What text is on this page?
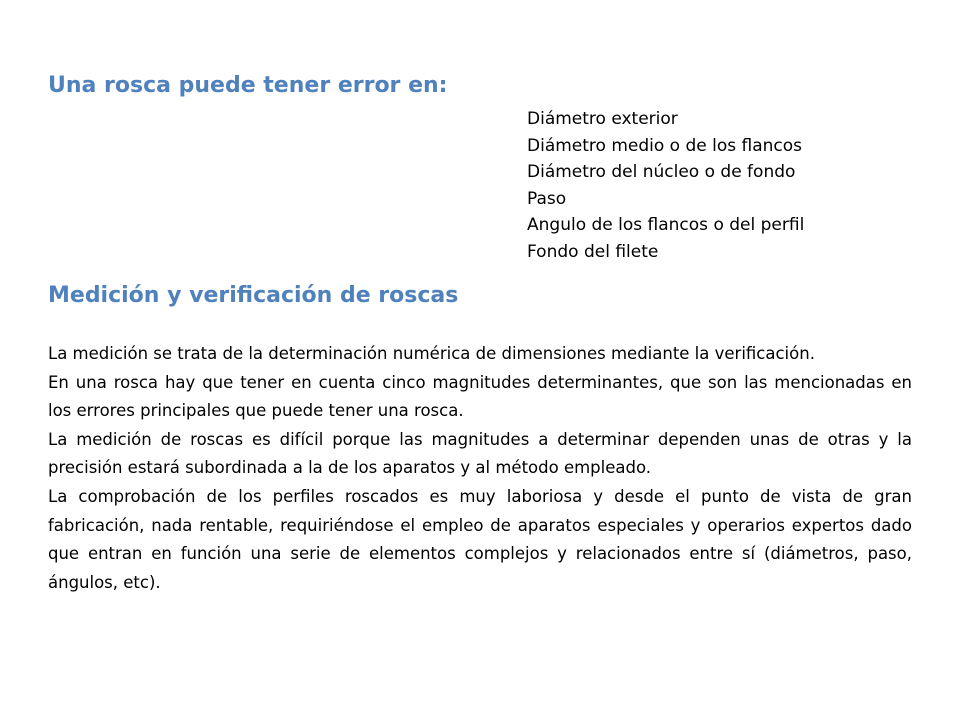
Una rosca puede tener error en:
Diámetro exterior
Diámetro medio o de los flancos
Diámetro del núcleo o de fondo
Paso
Angulo de los flancos o del perfil
Fondo del filete
Medición y verificación de roscas

La medición se trata de la determinación numérica de dimensiones mediante la verificación.

En una rosca hay que tener en cuenta cinco magnitudes determinantes, que son las mencionadas en los errores principales que puede tener una rosca.

La medición de roscas es difícil porque las magnitudes a determinar dependen unas de otras y la precisión estará subordinada a la de los aparatos y al método empleado.

La comprobación de los perfiles roscados es muy laboriosa y desde el punto de vista de gran fabricación, nada rentable, requiriéndose el empleo de aparatos especiales y operarios expertos dado que entran en función una serie de elementos complejos y relacionados entre sí (diámetros, paso, ángulos, etc).
